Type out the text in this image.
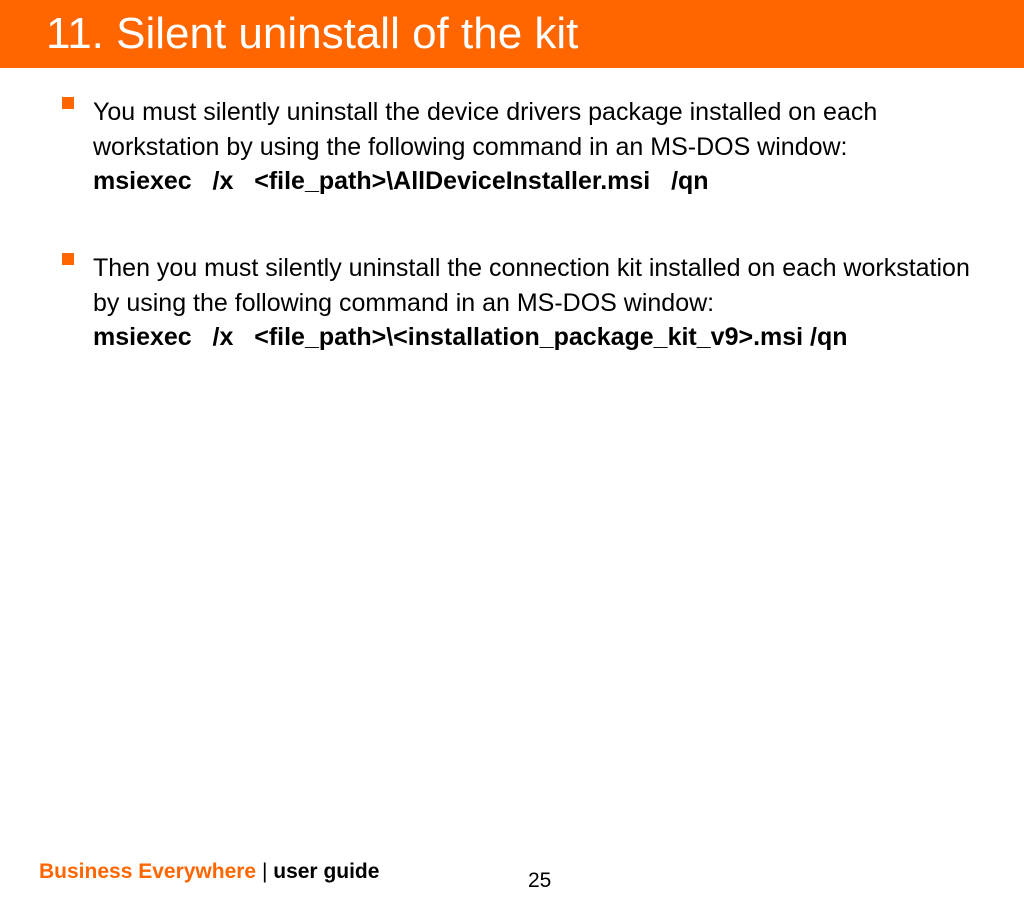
11. Silent uninstall of the kit
You must silently uninstall the device drivers package installed on each workstation by using the following command in an MS-DOS window:
msiexec   /x   <file_path>\AllDeviceInstaller.msi   /qn
Then you must silently uninstall the connection kit installed on each workstation by using the following command in an MS-DOS window:
msiexec   /x   <file_path>\<installation_package_kit_v9>.msi /qn
Business Everywhere | user guide	25
